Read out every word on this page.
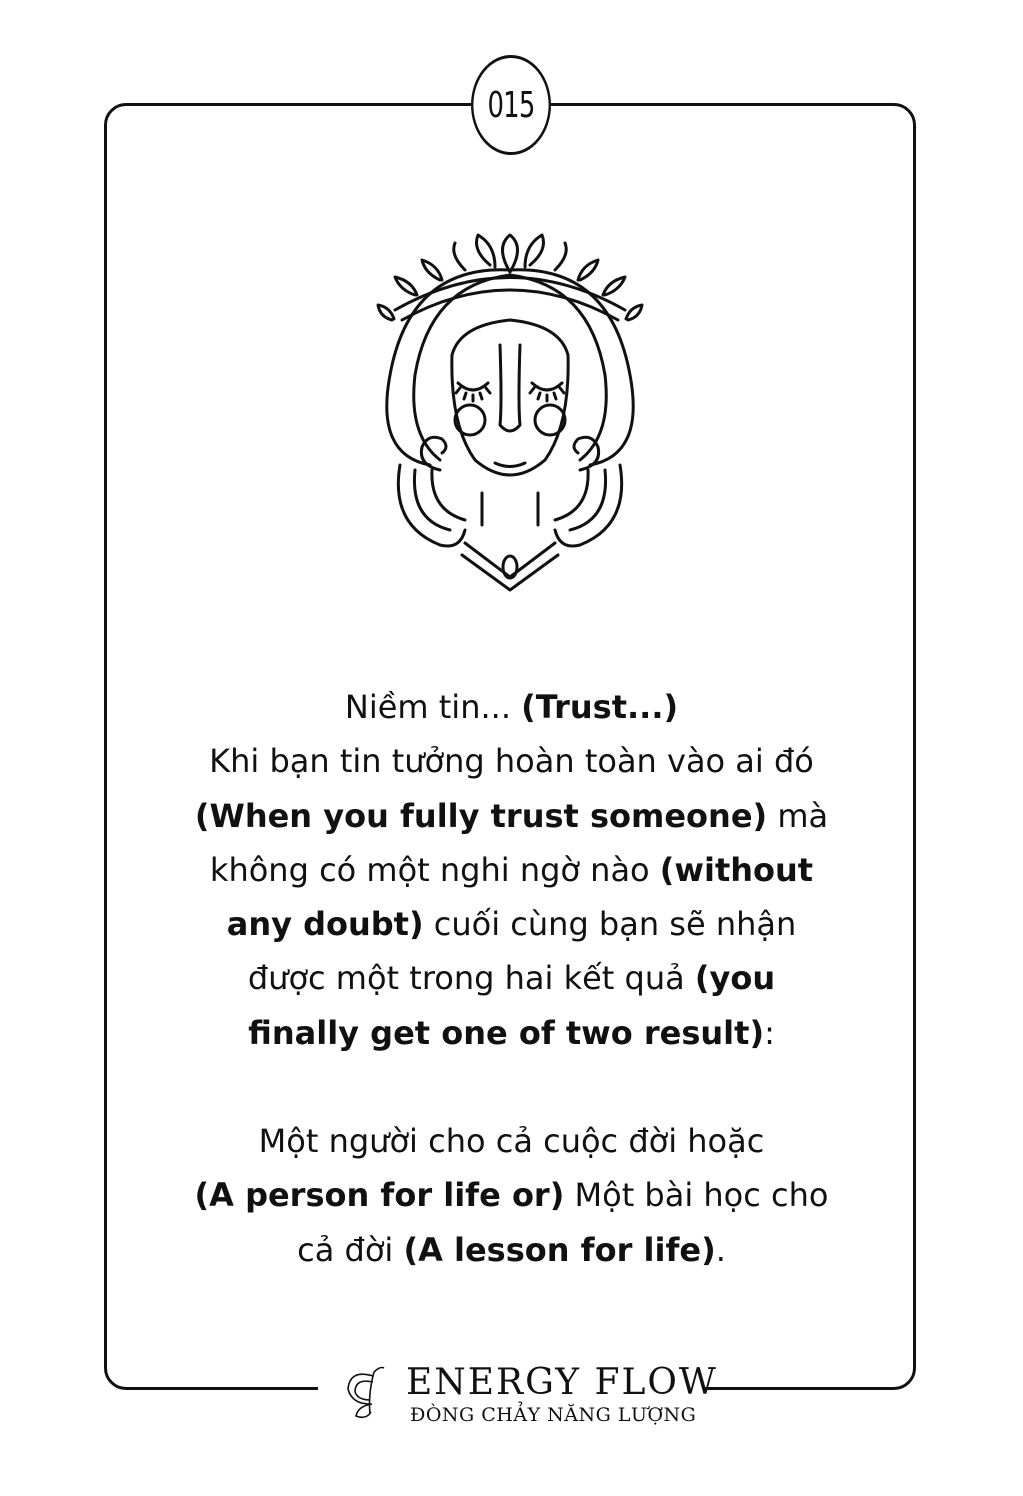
015

Niềm tin... (Trust...)

Khi bạn tin tưởng hoàn toàn vào ai đó

(When you fully trust someone) mà

không có một nghi ngờ nào (without

any doubt) cuối cùng bạn sẽ nhận

được một trong hai kết quả (you

finally get one of two result):

Một người cho cả cuộc đời hoặc

(A person for life or) Một bài học cho

cả đời (A lesson for life).

ENERGY FLOW
ĐÒNG CHẢY NĂNG LƯỢNG
